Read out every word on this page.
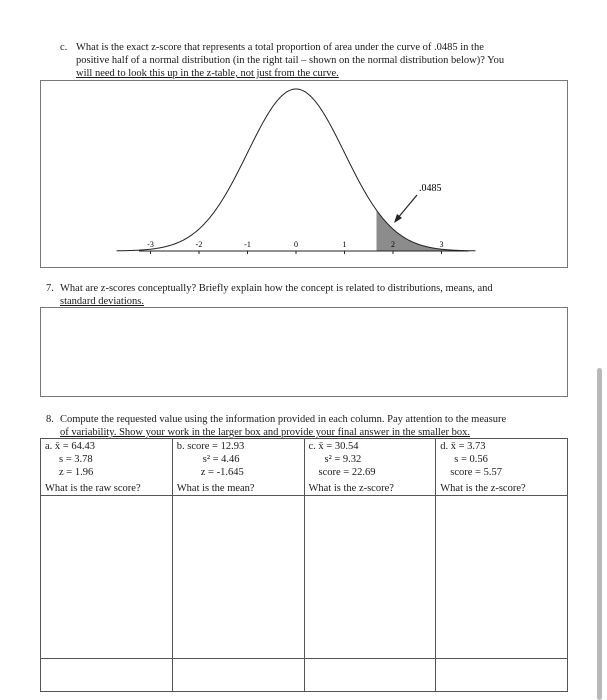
c. What is the exact z-score that represents a total proportion of area under the curve of .0485 in the
positive half of a normal distribution (in the right tail – shown on the normal distribution below)? You
will need to look this up in the z-table, not just from the curve.
-3	-2	-1	0	1	2	3
.0485
7. What are z-scores conceptually? Briefly explain how the concept is related to distributions, means, and
standard deviations.
8. Compute the requested value using the information provided in each column. Pay attention to the measure
of variability. Show your work in the larger box and provide your final answer in the smaller box.
a. x̄ = 64.43
s = 3.78
z = 1.96
What is the raw score?	b. score = 12.93
s² = 4.46
z = -1.645
What is the mean?	c. x̄ = 30.54
s² = 9.32
score = 22.69
What is the z-score?	d. x̄ = 3.73
s = 0.56
score = 5.57
What is the z-score?
